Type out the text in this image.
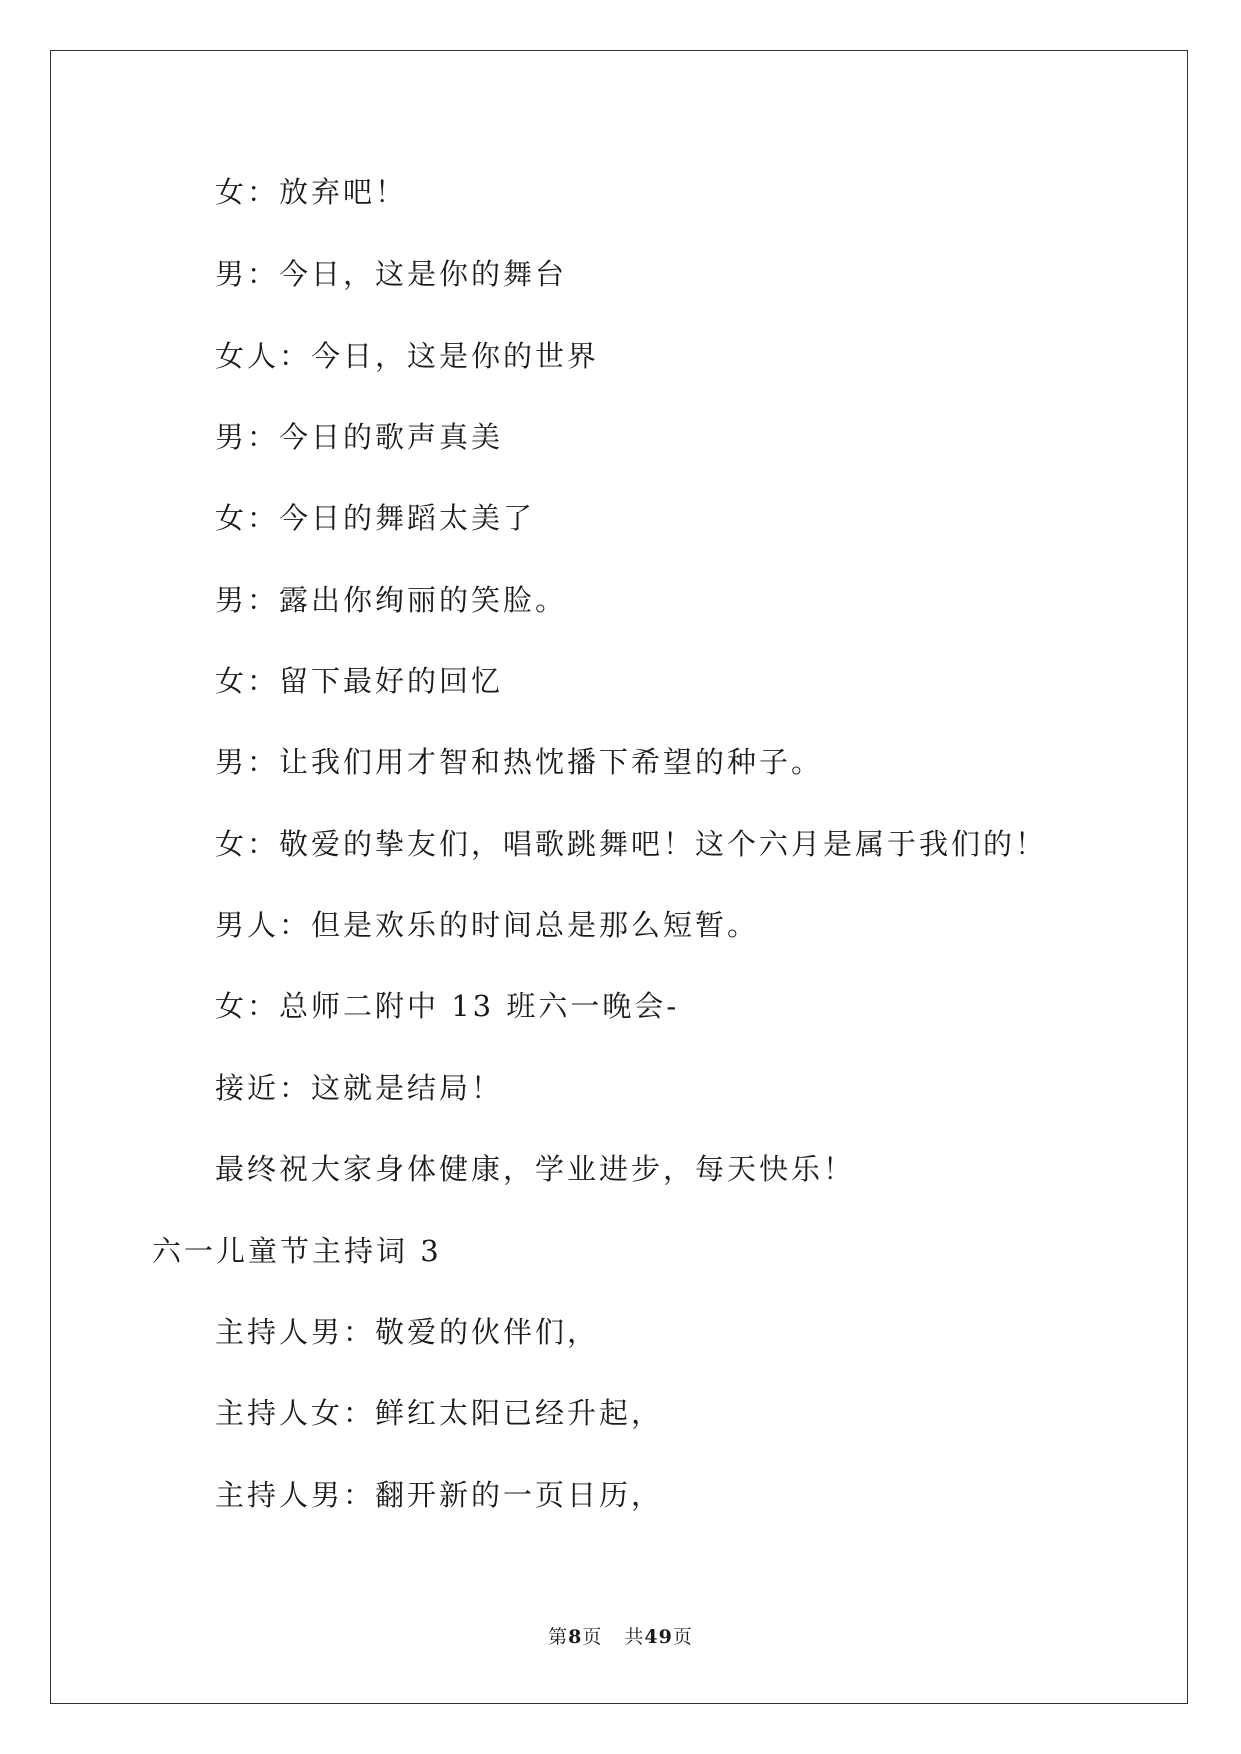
女：放弃吧！
男：今日，这是你的舞台
女人：今日，这是你的世界
男：今日的歌声真美
女：今日的舞蹈太美了
男：露出你绚丽的笑脸。
女：留下最好的回忆
男：让我们用才智和热忱播下希望的种子。
女：敬爱的挚友们，唱歌跳舞吧！这个六月是属于我们的！
男人：但是欢乐的时间总是那么短暂。
女：总师二附中 13 班六一晚会-
接近：这就是结局！
最终祝大家身体健康，学业进步，每天快乐！
六一儿童节主持词 3
主持人男：敬爱的伙伴们，
主持人女：鲜红太阳已经升起，
主持人男：翻开新的一页日历，
第8页 共49页
